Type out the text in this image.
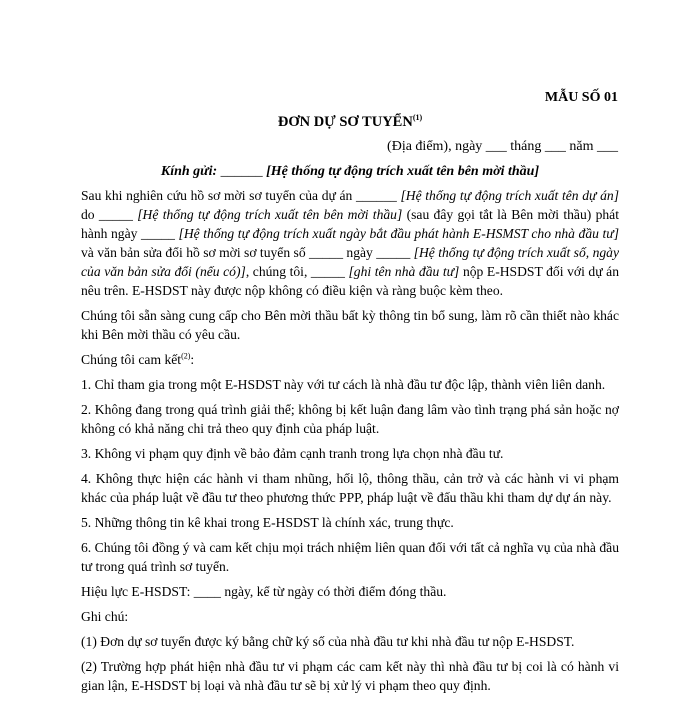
MẪU SỐ 01
ĐƠN DỰ SƠ TUYỂN$^{(1)}$
(Địa điểm), ngày ___ tháng ___ năm ___
Kính gửi: ______ [Hệ thống tự động trích xuất tên bên mời thầu]

Sau khi nghiên cứu hồ sơ mời sơ tuyển của dự án ______ [Hệ thống tự động trích xuất tên dự án] do _____ [Hệ thống tự động trích xuất tên bên mời thầu] (sau đây gọi tắt là Bên mời thầu) phát hành ngày _____ [Hệ thống tự động trích xuất ngày bắt đầu phát hành E-HSMST cho nhà đầu tư] và văn bản sửa đổi hồ sơ mời sơ tuyển số _____ ngày _____ [Hệ thống tự động trích xuất số, ngày của văn bản sửa đổi (nếu có)], chúng tôi, _____ [ghi tên nhà đầu tư] nộp E-HSDST đối với dự án nêu trên. E-HSDST này được nộp không có điều kiện và ràng buộc kèm theo.

Chúng tôi sẵn sàng cung cấp cho Bên mời thầu bất kỳ thông tin bổ sung, làm rõ cần thiết nào khác khi Bên mời thầu có yêu cầu.

Chúng tôi cam kết$^{(2)}$:

1. Chỉ tham gia trong một E-HSDST này với tư cách là nhà đầu tư độc lập, thành viên liên danh.

2. Không đang trong quá trình giải thể; không bị kết luận đang lâm vào tình trạng phá sản hoặc nợ không có khả năng chi trả theo quy định của pháp luật.

3. Không vi phạm quy định về bảo đảm cạnh tranh trong lựa chọn nhà đầu tư.

4. Không thực hiện các hành vi tham nhũng, hối lộ, thông thầu, cản trở và các hành vi vi phạm khác của pháp luật về đầu tư theo phương thức PPP, pháp luật về đấu thầu khi tham dự dự án này.

5. Những thông tin kê khai trong E-HSDST là chính xác, trung thực.

6. Chúng tôi đồng ý và cam kết chịu mọi trách nhiệm liên quan đối với tất cả nghĩa vụ của nhà đầu tư trong quá trình sơ tuyển.

Hiệu lực E-HSDST: ____ ngày, kể từ ngày có thời điểm đóng thầu.

Ghi chú:

(1) Đơn dự sơ tuyển được ký bằng chữ ký số của nhà đầu tư khi nhà đầu tư nộp E-HSDST.

(2) Trường hợp phát hiện nhà đầu tư vi phạm các cam kết này thì nhà đầu tư bị coi là có hành vi gian lận, E-HSDST bị loại và nhà đầu tư sẽ bị xử lý vi phạm theo quy định.
